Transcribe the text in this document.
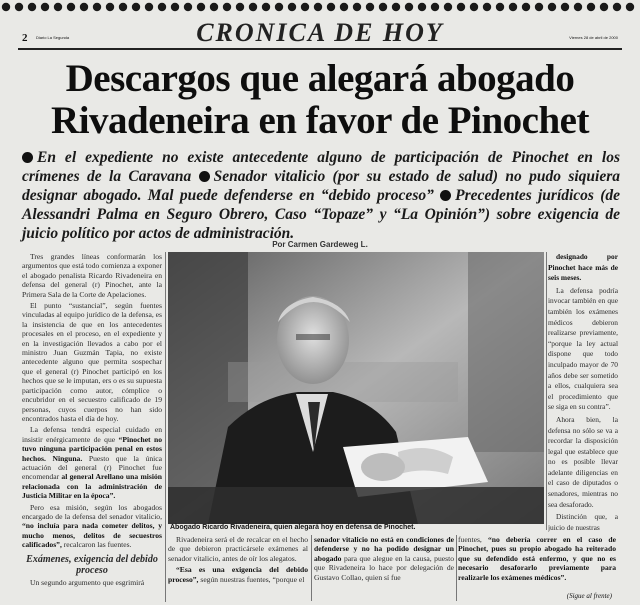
2 Diario La Segunda	CRONICA DE HOY	Viernes 28 de abril de 2000
Descargos que alegará abogado
Rivadeneira en favor de Pinochet
En el expediente no existe antecedente alguno de participación de Pinochet en los crímenes de la Caravana Senador vitalicio (por su estado de salud) no pudo siquiera designar abogado. Mal puede defenderse en “debido proceso” Precedentes jurídicos (de Alessandri Palma en Seguro Obrero, Caso “Topaze” y “La Opinión”) sobre exigencia de juicio político por actos de administración.
Por Carmen Gardeweg L.

Tres grandes líneas conformarán los argumentos que está todo comienza a exponer el abogado penalista Ricardo Rivadeneira en defensa del general (r) Pinochet, ante la Primera Sala de la Corte de Apelaciones.

El punto “sustancial”, según fuentes vinculadas al equipo jurídico de la defensa, es la insistencia de que en los antecedentes procesales en el proceso, en el expediente y en la investigación llevados a cabo por el ministro Juan Guzmán Tapia, no existe antecedente alguno que permita sospechar que el general (r) Pinochet participó en los hechos que se le imputan, ers o es su supuesta participación como autor, cómplice o encubridor en el secuestro calificado de 19 personas, cuyos cuerpos no han sido encontrados hasta el día de hoy.

La defensa tendrá especial cuidado en insistir enérgicamente de que “Pinochet no tuvo ninguna participación penal en estos hechos. Ninguna. Puesto que la única actuación del general (r) Pinochet fue encomendar al general Arellano una misión relacionada con la administración de Justicia Militar en la época”.

Pero esa misión, según los abogados encargado de la defensa del senador vitalicio, “no incluía para nada cometer delitos, y mucho menos, delitos de secuestros calificados”, recalcaron las fuentes.

Exámenes, exigencia del debido proceso

Un segundo argumento que esgrimirá

Abogado Ricardo Rivadeneira, quien alegará hoy en defensa de Pinochet.

designado por Pinochet hace más de seis meses.

La defensa podría invocar también en que también los exámenes médicos debieron realizarse previamente, “porque la ley actual dispone que todo inculpado mayor de 70 años debe ser sometido a ellos, cualquiera sea el procedimiento que se siga en su contra”.

Ahora bien, la defensa no sólo se va a recordar la disposición legal que establece que no es posible llevar adelante diligencias en el caso de diputados o senadores, mientras no sea desaforado.

Distinción que, a juicio de nuestras

Rivadeneira será el de recalcar en el hecho de que debieron practicársele exámenes al senador vitalicio, antes de oír los alegatos.

“Esa es una exigencia del debido proceso”, según nuestras fuentes, “porque el

senador vitalicio no está en condiciones de defenderse y no ha podido designar un abogado para que alegue en la causa, puesto que Rivadeneira lo hace por delegación de Gustavo Collao, quien sí fue

fuentes, “no debería correr en el caso de Pinochet, pues su propio abogado ha reiterado que su defendido está enfermo, y que no es necesario desaforarlo previamente para realizarle los exámenes médicos”.

(Sigue al frente)
